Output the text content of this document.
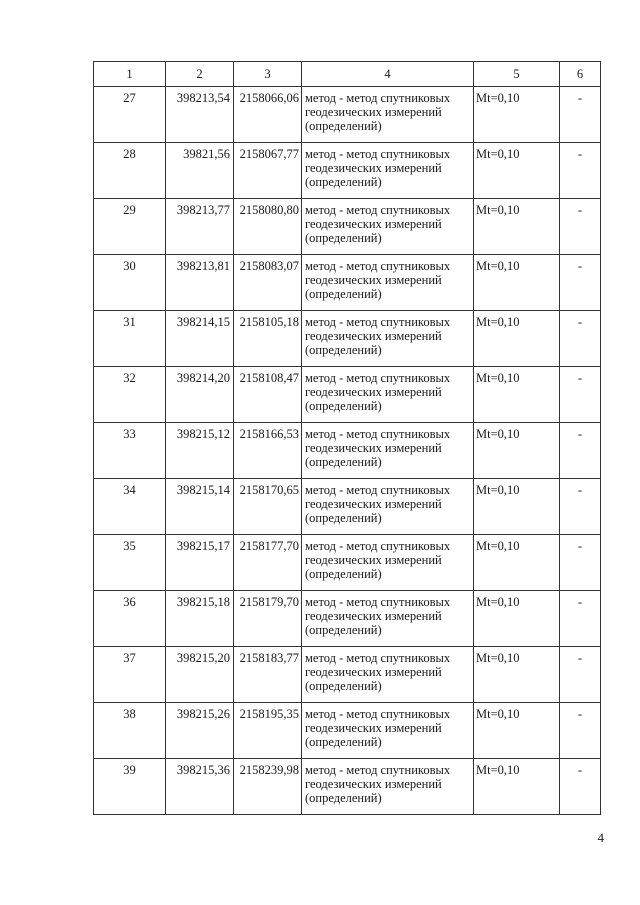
1	2	3	4	5	6
27	398213,54	2158066,06	метод - метод спутниковых геодезических измерений (определений)	Mt=0,10	-
28	39821,56	2158067,77	метод - метод спутниковых геодезических измерений (определений)	Mt=0,10	-
29	398213,77	2158080,80	метод - метод спутниковых геодезических измерений (определений)	Mt=0,10	-
30	398213,81	2158083,07	метод - метод спутниковых геодезических измерений (определений)	Mt=0,10	-
31	398214,15	2158105,18	метод - метод спутниковых геодезических измерений (определений)	Mt=0,10	-
32	398214,20	2158108,47	метод - метод спутниковых геодезических измерений (определений)	Mt=0,10	-
33	398215,12	2158166,53	метод - метод спутниковых геодезических измерений (определений)	Mt=0,10	-
34	398215,14	2158170,65	метод - метод спутниковых геодезических измерений (определений)	Mt=0,10	-
35	398215,17	2158177,70	метод - метод спутниковых геодезических измерений (определений)	Mt=0,10	-
36	398215,18	2158179,70	метод - метод спутниковых геодезических измерений (определений)	Mt=0,10	-
37	398215,20	2158183,77	метод - метод спутниковых геодезических измерений (определений)	Mt=0,10	-
38	398215,26	2158195,35	метод - метод спутниковых геодезических измерений (определений)	Mt=0,10	-
39	398215,36	2158239,98	метод - метод спутниковых геодезических измерений (определений)	Mt=0,10	-
4
